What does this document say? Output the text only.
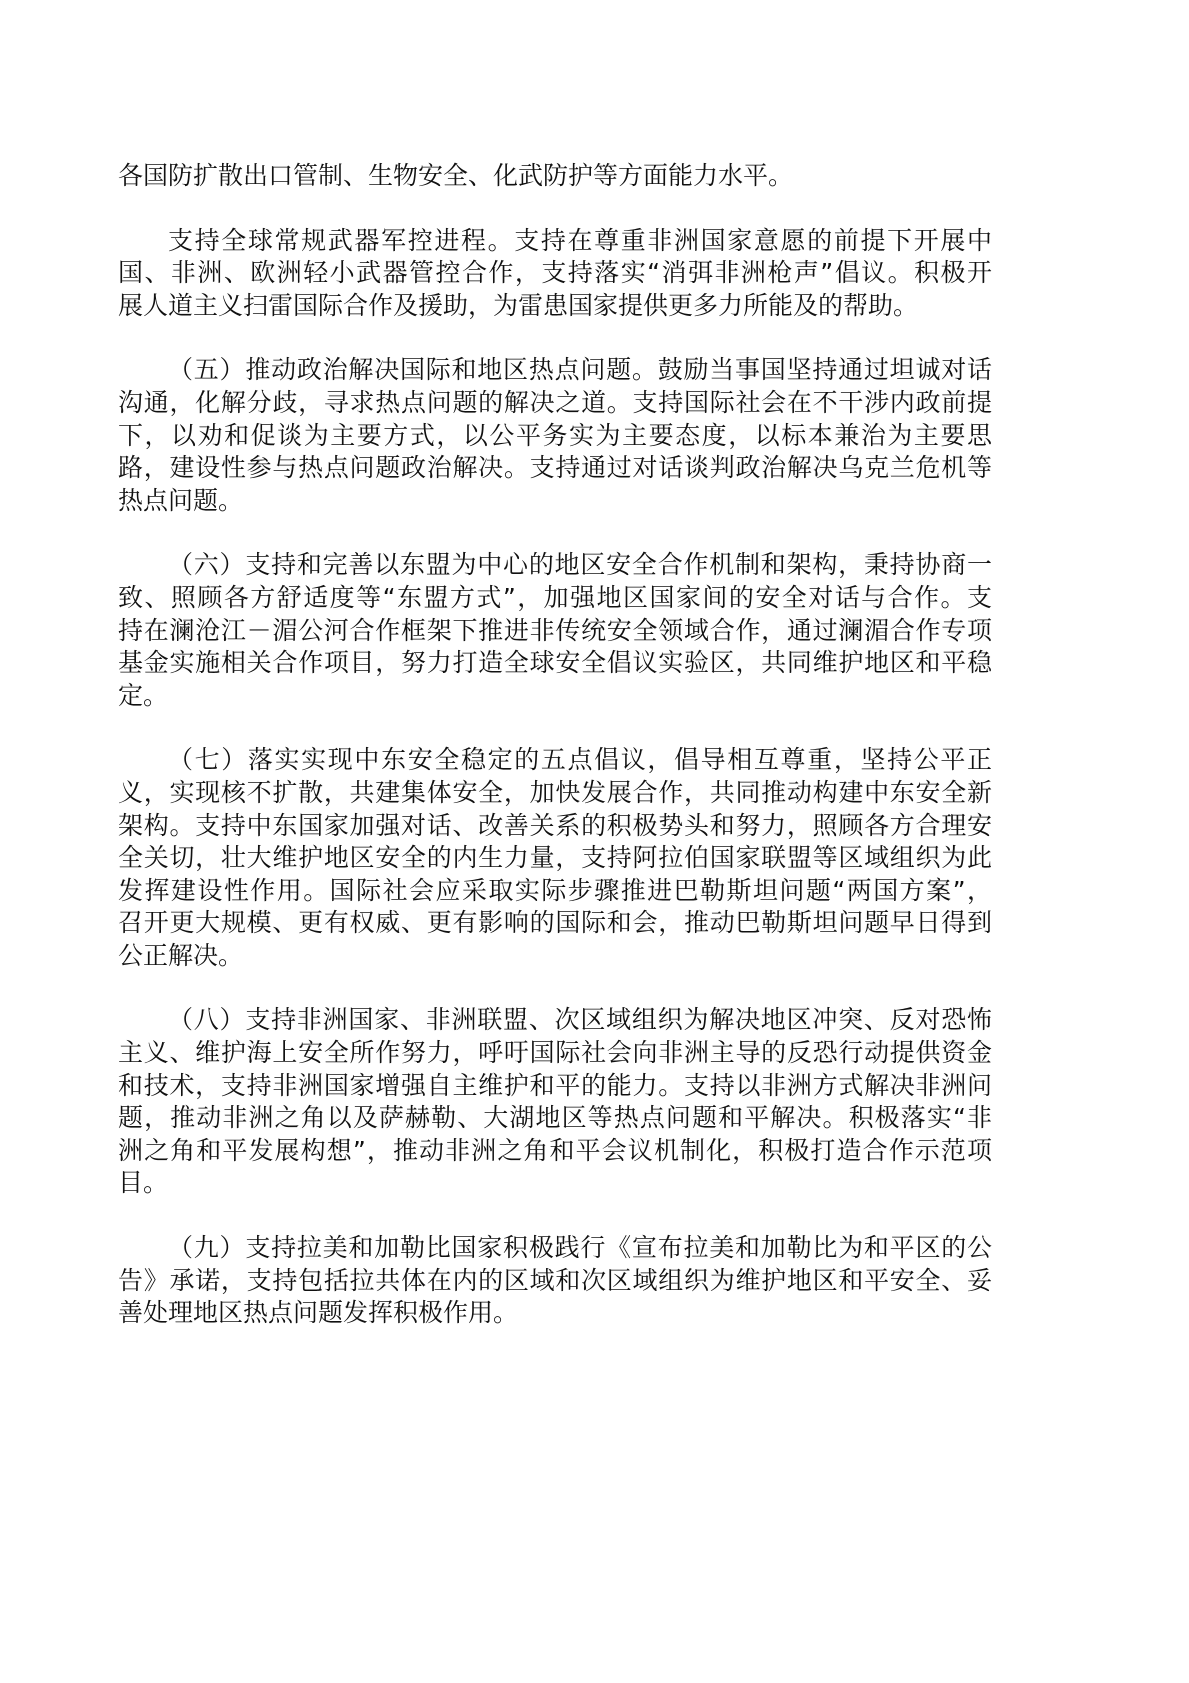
各国防扩散出口管制、生物安全、化武防护等方面能力水平。

支持全球常规武器军控进程。支持在尊重非洲国家意愿的前提下开展中
国、非洲、欧洲轻小武器管控合作，支持落实“消弭非洲枪声”倡议。积极开
展人道主义扫雷国际合作及援助，为雷患国家提供更多力所能及的帮助。

（五）推动政治解决国际和地区热点问题。鼓励当事国坚持通过坦诚对话
沟通，化解分歧，寻求热点问题的解决之道。支持国际社会在不干涉内政前提
下，以劝和促谈为主要方式，以公平务实为主要态度，以标本兼治为主要思
路，建设性参与热点问题政治解决。支持通过对话谈判政治解决乌克兰危机等
热点问题。

（六）支持和完善以东盟为中心的地区安全合作机制和架构，秉持协商一
致、照顾各方舒适度等“东盟方式”，加强地区国家间的安全对话与合作。支
持在澜沧江－湄公河合作框架下推进非传统安全领域合作，通过澜湄合作专项
基金实施相关合作项目，努力打造全球安全倡议实验区，共同维护地区和平稳
定。

（七）落实实现中东安全稳定的五点倡议，倡导相互尊重，坚持公平正
义，实现核不扩散，共建集体安全，加快发展合作，共同推动构建中东安全新
架构。支持中东国家加强对话、改善关系的积极势头和努力，照顾各方合理安
全关切，壮大维护地区安全的内生力量，支持阿拉伯国家联盟等区域组织为此
发挥建设性作用。国际社会应采取实际步骤推进巴勒斯坦问题“两国方案”，
召开更大规模、更有权威、更有影响的国际和会，推动巴勒斯坦问题早日得到
公正解决。

（八）支持非洲国家、非洲联盟、次区域组织为解决地区冲突、反对恐怖
主义、维护海上安全所作努力，呼吁国际社会向非洲主导的反恐行动提供资金
和技术，支持非洲国家增强自主维护和平的能力。支持以非洲方式解决非洲问
题，推动非洲之角以及萨赫勒、大湖地区等热点问题和平解决。积极落实“非
洲之角和平发展构想”，推动非洲之角和平会议机制化，积极打造合作示范项
目。

（九）支持拉美和加勒比国家积极践行《宣布拉美和加勒比为和平区的公
告》承诺，支持包括拉共体在内的区域和次区域组织为维护地区和平安全、妥
善处理地区热点问题发挥积极作用。
